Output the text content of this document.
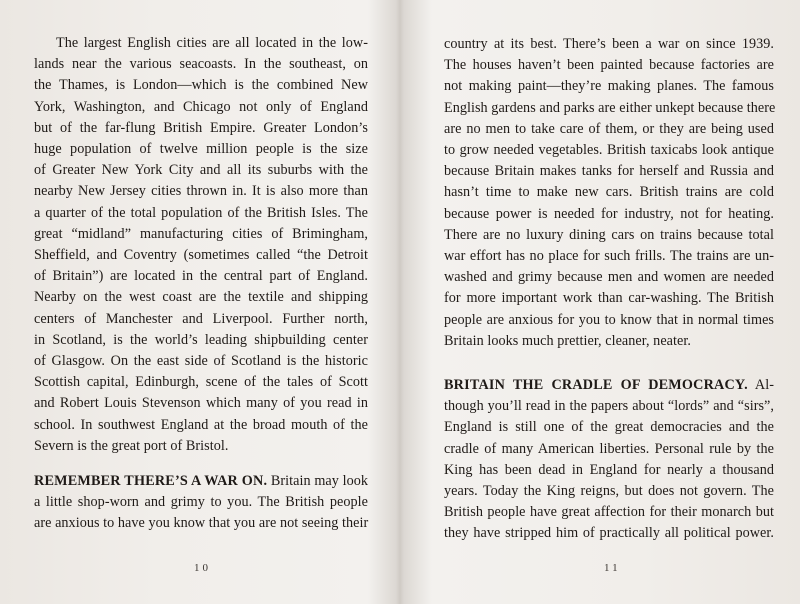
The largest English cities are all located in the low-
lands near the various seacoasts. In the southeast, on
the Thames, is London—which is the combined New
York, Washington, and Chicago not only of England
but of the far-flung British Empire. Greater London’s
huge population of twelve million people is the size
of Greater New York City and all its suburbs with the
nearby New Jersey cities thrown in. It is also more than
a quarter of the total population of the British Isles. The
great “midland” manufacturing cities of Brimingham,
Sheffield, and Coventry (sometimes called “the Detroit
of Britain”) are located in the central part of England.
Nearby on the west coast are the textile and shipping
centers of Manchester and Liverpool. Further north,
in Scotland, is the world’s leading shipbuilding center
of Glasgow. On the east side of Scotland is the historic
Scottish capital, Edinburgh, scene of the tales of Scott
and Robert Louis Stevenson which many of you read in
school. In southwest England at the broad mouth of the
Severn is the great port of Bristol.
REMEMBER THERE’S A WAR ON. Britain may look
a little shop-worn and grimy to you. The British people
are anxious to have you know that you are not seeing their
10
country at its best. There’s been a war on since 1939.
The houses haven’t been painted because factories are
not making paint—they’re making planes. The famous
English gardens and parks are either unkept because there
are no men to take care of them, or they are being used
to grow needed vegetables. British taxicabs look antique
because Britain makes tanks for herself and Russia and
hasn’t time to make new cars. British trains are cold
because power is needed for industry, not for heating.
There are no luxury dining cars on trains because total
war effort has no place for such frills. The trains are un-
washed and grimy because men and women are needed
for more important work than car-washing. The British
people are anxious for you to know that in normal times
Britain looks much prettier, cleaner, neater.
BRITAIN THE CRADLE OF DEMOCRACY. Al-
though you’ll read in the papers about “lords” and “sirs”,
England is still one of the great democracies and the
cradle of many American liberties. Personal rule by the
King has been dead in England for nearly a thousand
years. Today the King reigns, but does not govern. The
British people have great affection for their monarch but
they have stripped him of practically all political power.
11
